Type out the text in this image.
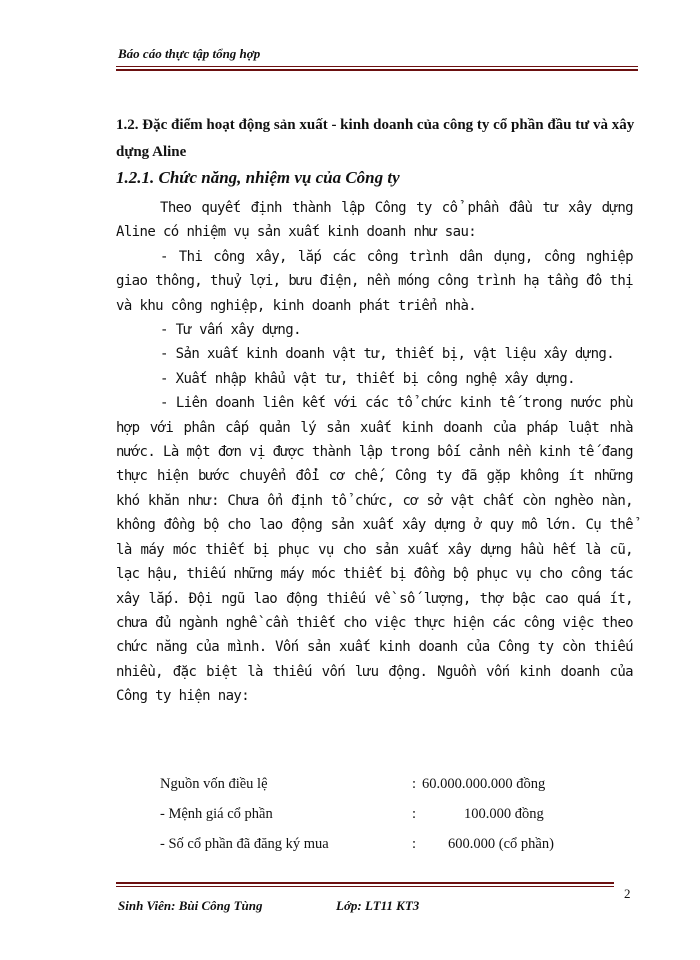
Báo cáo thực tập tổng hợp
1.2. Đặc điểm hoạt động sản xuất - kinh doanh của công ty cổ phần đầu tư và xây dựng Aline
1.2.1. Chức năng, nhiệm vụ của Công ty

Theo quyết định thành lập Công ty cổ phần đầu tư xây dựng Aline có nhiệm vụ sản xuất kinh doanh như sau:

- Thi công xây, lắp các công trình dân dụng, công nghiệp giao thông, thuỷ lợi, bưu điện, nền móng công trình hạ tầng đô thị và khu công nghiệp, kinh doanh phát triển nhà.

- Tư vấn xây dựng.

- Sản xuất kinh doanh vật tư, thiết bị, vật liệu xây dựng.

- Xuất nhập khẩu vật tư, thiết bị công nghệ xây dựng.

- Liên doanh liên kết với các tổ chức kinh tế trong nước phù hợp với phân cấp quản lý sản xuất kinh doanh của pháp luật nhà nước. Là một đơn vị được thành lập trong bối cảnh nền kinh tế đang thực hiện bước chuyển đổi cơ chế, Công ty đã gặp không ít những khó khăn như: Chưa ổn định tổ chức, cơ sở vật chất còn nghèo nàn, không đồng bộ cho lao động sản xuất xây dựng ở quy mô lớn. Cụ thể là máy móc thiết bị phục vụ cho sản xuất xây dựng hầu hết là cũ, lạc hậu, thiếu những máy móc thiết bị đồng bộ phục vụ cho công tác xây lắp. Đội ngũ lao động thiếu về số lượng, thợ bậc cao quá ít, chưa đủ ngành nghề cần thiết cho việc thực hiện các công việc theo chức năng của mình. Vốn sản xuất kinh doanh của Công ty còn thiếu nhiều, đặc biệt là thiếu vốn lưu động. Nguồn vốn kinh doanh của Công ty hiện nay:

Nguồn vốn điều lệ	: 60.000.000.000 đồng
- Mệnh giá cổ phần	:	100.000 đồng
- Số cổ phần đã đăng ký mua	: 600.000 (cổ phần)
2
Sinh Viên: Bùi Công Tùng	Lớp: LT11 KT3
